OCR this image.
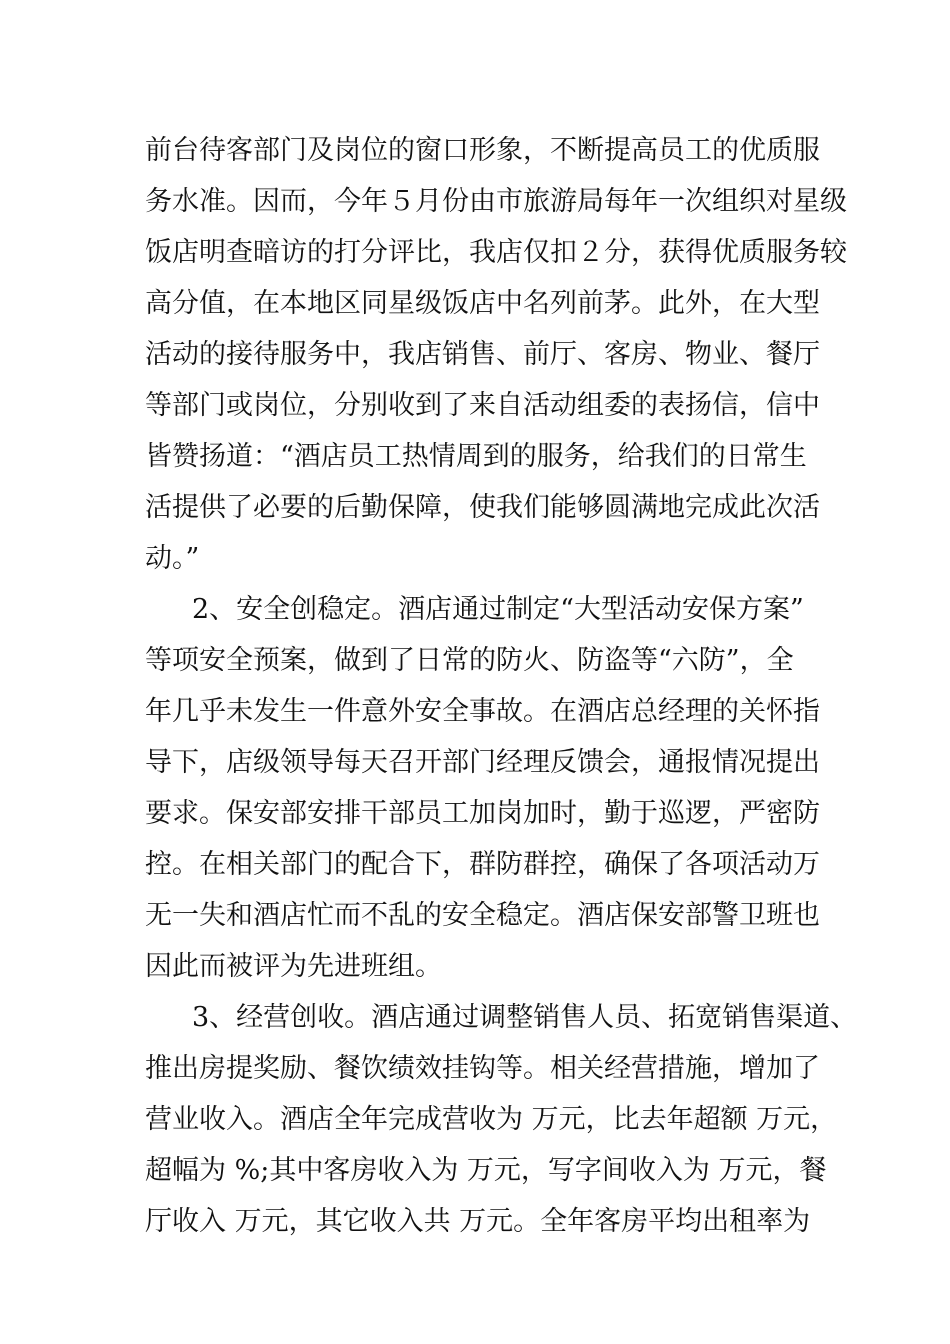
前台待客部门及岗位的窗口形象，不断提高员工的优质服
务水准。因而，今年５月份由市旅游局每年一次组织对星级
饭店明查暗访的打分评比，我店仅扣２分，获得优质服务较
高分值，在本地区同星级饭店中名列前茅。此外，在大型
活动的接待服务中，我店销售、前厅、客房、物业、餐厅
等部门或岗位，分别收到了来自活动组委的表扬信，信中
皆赞扬道：“酒店员工热情周到的服务，给我们的日常生
活提供了必要的后勤保障，使我们能够圆满地完成此次活
动。”
2、安全创稳定。酒店通过制定“大型活动安保方案”
等项安全预案，做到了日常的防火、防盗等“六防”，全
年几乎未发生一件意外安全事故。在酒店总经理的关怀指
导下，店级领导每天召开部门经理反馈会，通报情况提出
要求。保安部安排干部员工加岗加时，勤于巡逻，严密防
控。在相关部门的配合下，群防群控，确保了各项活动万
无一失和酒店忙而不乱的安全稳定。酒店保安部警卫班也
因此而被评为先进班组。
3、经营创收。酒店通过调整销售人员、拓宽销售渠道、
推出房提奖励、餐饮绩效挂钩等。相关经营措施，增加了
营业收入。酒店全年完成营收为 万元，比去年超额 万元，
超幅为 %;其中客房收入为 万元，写字间收入为 万元，餐
厅收入 万元，其它收入共 万元。全年客房平均出租率为
